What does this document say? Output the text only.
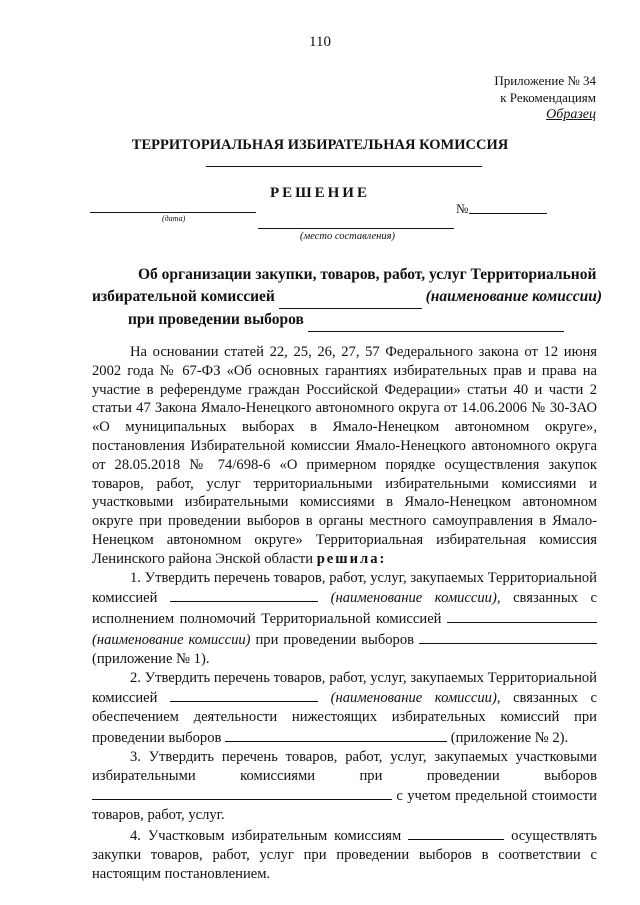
110
Приложение № 34
к Рекомендациям
Образец
ТЕРРИТОРИАЛЬНАЯ ИЗБИРАТЕЛЬНАЯ КОМИССИЯ
РЕШЕНИЕ
(дата)
№
(место составления)
Об организации закупки, товаров, работ, услуг Территориальной
избирательной комиссией	(наименование комиссии)
при проведении выборов

На основании статей 22, 25, 26, 27, 57 Федерального закона от 12 июня 2002 года № 67-ФЗ «Об основных гарантиях избирательных прав и права на участие в референдуме граждан Российской Федерации» статьи 40 и части 2 статьи 47 Закона Ямало-Ненецкого автономного округа от 14.06.2006 № 30-ЗАО «О муниципальных выборах в Ямало-Ненецком автономном округе», постановления Избирательной комиссии Ямало-Ненецкого автономного округа от 28.05.2018 № 74/698-6 «О примерном порядке осуществления закупок товаров, работ, услуг территориальными избирательными комиссиями и участковыми избирательными комиссиями в Ямало-Ненецком автономном округе при проведении выборов в органы местного самоуправления в Ямало-Ненецком автономном округе» Территориальная избирательная комиссия Ленинского района Энской области решила:

1. Утвердить перечень товаров, работ, услуг, закупаемых Территориальной комиссией	(наименование комиссии), связанных с исполнением полномочий Территориальной комиссией  (наименование комиссии) при проведении выборов  (приложение № 1).

2. Утвердить перечень товаров, работ, услуг, закупаемых Территориальной комиссией	(наименование комиссии), связанных с обеспечением деятельности нижестоящих избирательных комиссий при проведении выборов	(приложение № 2).

3. Утвердить перечень товаров, работ, услуг, закупаемых участковыми избирательными комиссиями при проведении выборов  с учетом предельной стоимости товаров, работ, услуг.

4. Участковым избирательным комиссиям	осуществлять закупки товаров, работ, услуг при проведении выборов в соответствии с настоящим постановлением.
